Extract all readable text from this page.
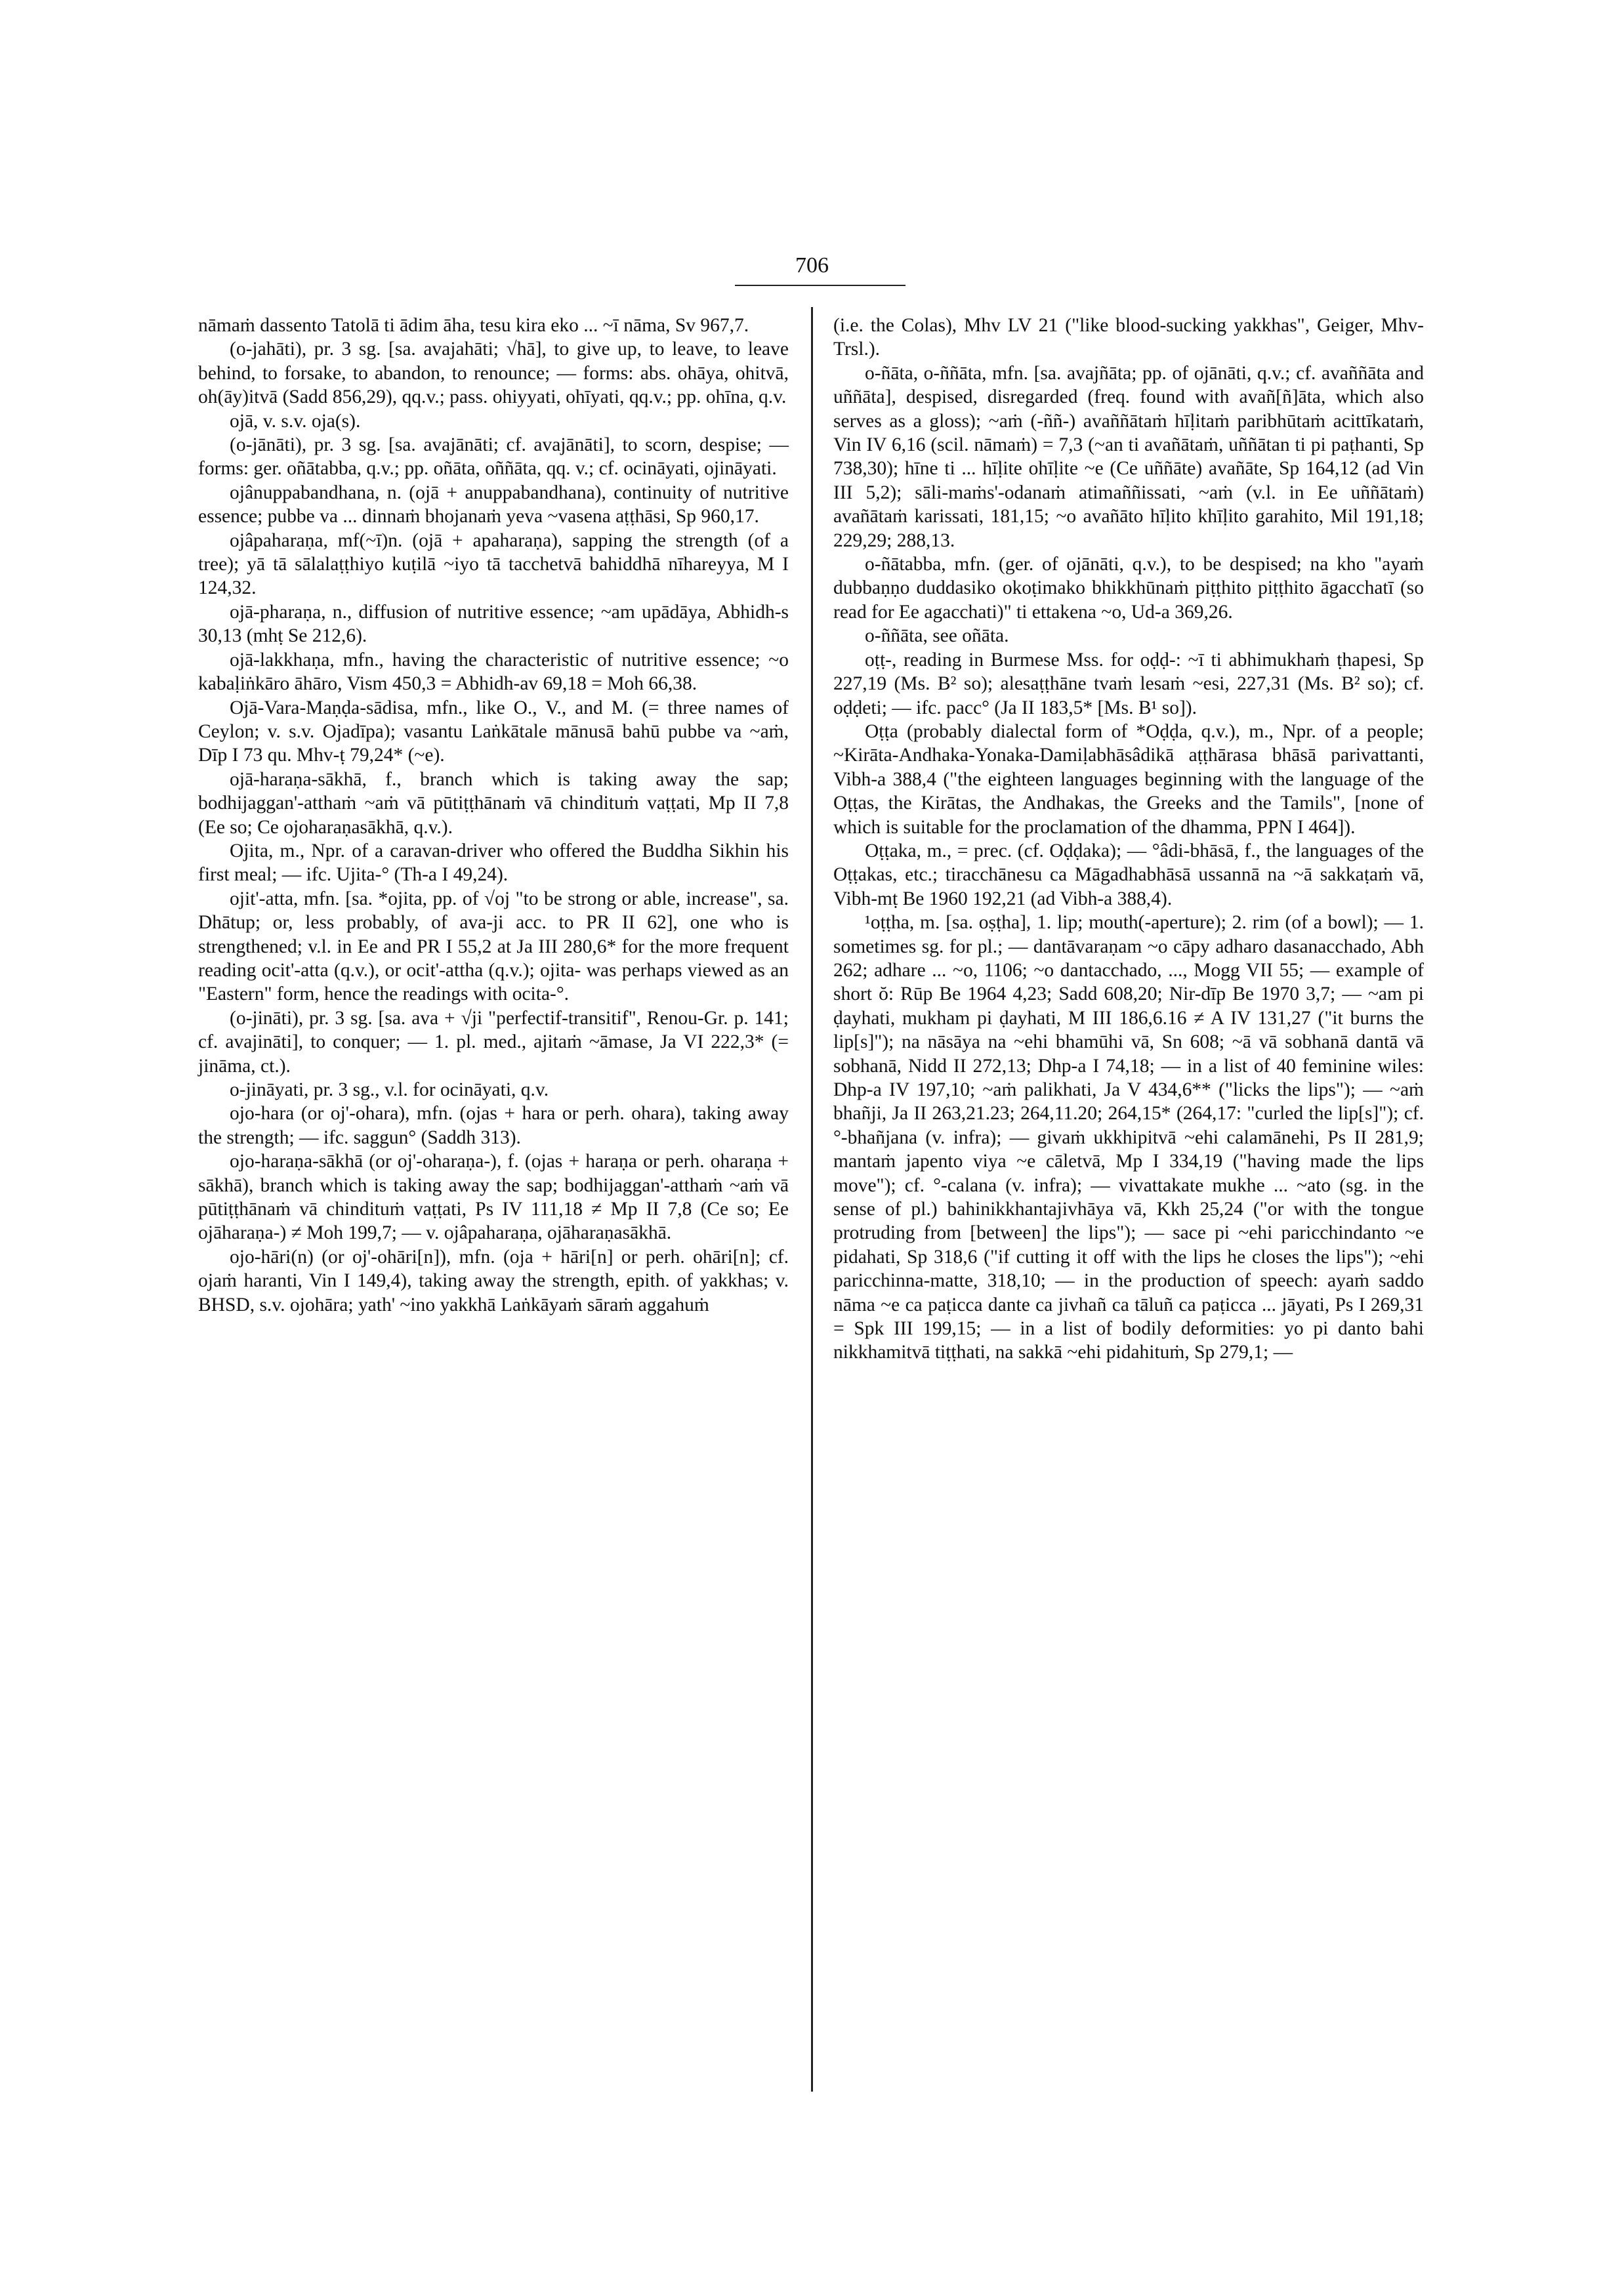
706

nāmaṁ dassento Tatolā ti ādim āha, tesu kira eko ... ~ī nāma, Sv 967,7.

(o-jahāti), pr. 3 sg. [sa. avajahāti; √hā], to give up, to leave, to leave behind, to forsake, to abandon, to renounce; — forms: abs. ohāya, ohitvā, oh(āy)itvā (Sadd 856,29), qq.v.; pass. ohiyyati, ohīyati, qq.v.; pp. ohīna, q.v.

ojā, v. s.v. oja(s).

(o-jānāti), pr. 3 sg. [sa. avajānāti; cf. avajānāti], to scorn, despise; — forms: ger. oñātabba, q.v.; pp. oñāta, oññāta, qq. v.; cf. ocināyati, ojināyati.

ojânuppabandhana, n. (ojā + anuppabandhana), continuity of nutritive essence; pubbe va ... dinnaṁ bhojanaṁ yeva ~vasena aṭṭhāsi, Sp 960,17.

ojâpaharaṇa, mf(~ī)n. (ojā + apaharaṇa), sapping the strength (of a tree); yā tā sālalaṭṭhiyo kuṭilā ~iyo tā tacchetvā bahiddhā nīhareyya, M I 124,32.

ojā-pharaṇa, n., diffusion of nutritive essence; ~am upādāya, Abhidh-s 30,13 (mhṭ Se 212,6).

ojā-lakkhaṇa, mfn., having the characteristic of nutritive essence; ~o kabaḷiṅkāro āhāro, Vism 450,3 = Abhidh-av 69,18 = Moh 66,38.

Ojā-Vara-Maṇḍa-sādisa, mfn., like O., V., and M. (= three names of Ceylon; v. s.v. Ojadīpa); vasantu Laṅkātale mānusā bahū pubbe va ~aṁ, Dīp I 73 qu. Mhv-ṭ 79,24* (~e).

ojā-haraṇa-sākhā, f., branch which is taking away the sap; bodhijaggan'-atthaṁ ~aṁ vā pūtiṭṭhānaṁ vā chindituṁ vaṭṭati, Mp II 7,8 (Ee so; Ce ojoharaṇasākhā, q.v.).

Ojita, m., Npr. of a caravan-driver who offered the Buddha Sikhin his first meal; — ifc. Ujita-° (Th-a I 49,24).

ojit'-atta, mfn. [sa. *ojita, pp. of √oj "to be strong or able, increase", sa. Dhātup; or, less probably, of ava-ji acc. to PR II 62], one who is strengthened; v.l. in Ee and PR I 55,2 at Ja III 280,6* for the more frequent reading ocit'-atta (q.v.), or ocit'-attha (q.v.); ojita- was perhaps viewed as an "Eastern" form, hence the readings with ocita-°.

(o-jināti), pr. 3 sg. [sa. ava + √ji "perfectif-transitif", Renou-Gr. p. 141; cf. avajināti], to conquer; — 1. pl. med., ajitaṁ ~āmase, Ja VI 222,3* (= jināma, ct.).

o-jināyati, pr. 3 sg., v.l. for ocināyati, q.v.

ojo-hara (or oj'-ohara), mfn. (ojas + hara or perh. ohara), taking away the strength; — ifc. saggun° (Saddh 313).

ojo-haraṇa-sākhā (or oj'-oharaṇa-), f. (ojas + haraṇa or perh. oharaṇa + sākhā), branch which is taking away the sap; bodhijaggan'-atthaṁ ~aṁ vā pūtiṭṭhānaṁ vā chindituṁ vaṭṭati, Ps IV 111,18 ≠ Mp II 7,8 (Ce so; Ee ojāharaṇa-) ≠ Moh 199,7; — v. ojâpaharaṇa, ojāharaṇasākhā.

ojo-hāri(n) (or oj'-ohāri[n]), mfn. (oja + hāri[n] or perh. ohāri[n]; cf. ojaṁ haranti, Vin I 149,4), taking away the strength, epith. of yakkhas; v. BHSD, s.v. ojohāra; yath' ~ino yakkhā Laṅkāyaṁ sāraṁ aggahuṁ

(i.e. the Colas), Mhv LV 21 ("like blood-sucking yakkhas", Geiger, Mhv-Trsl.).

o-ñāta, o-ññāta, mfn. [sa. avajñāta; pp. of ojānāti, q.v.; cf. avaññāta and uññāta], despised, disregarded (freq. found with avañ[ñ]āta, which also serves as a gloss); ~aṁ (-ññ-) avaññātaṁ hīḷitaṁ paribhūtaṁ acittīkataṁ, Vin IV 6,16 (scil. nāmaṁ) = 7,3 (~an ti avañātaṁ, uññātan ti pi paṭhanti, Sp 738,30); hīne ti ... hīḷite ohīḷite ~e (Ce uññāte) avañāte, Sp 164,12 (ad Vin III 5,2); sāli-maṁs'-odanaṁ atimaññissati, ~aṁ (v.l. in Ee uññātaṁ) avañātaṁ karissati, 181,15; ~o avañāto hīḷito khīḷito garahito, Mil 191,18; 229,29; 288,13.

o-ñātabba, mfn. (ger. of ojānāti, q.v.), to be despised; na kho "ayaṁ dubbaṇṇo duddasiko okoṭimako bhikkhūnaṁ piṭṭhito piṭṭhito āgacchatī (so read for Ee agacchati)" ti ettakena ~o, Ud-a 369,26.

o-ññāta, see oñāta.

oṭṭ-, reading in Burmese Mss. for oḍḍ-: ~ī ti abhimukhaṁ ṭhapesi, Sp 227,19 (Ms. B² so); alesaṭṭhāne tvaṁ lesaṁ ~esi, 227,31 (Ms. B² so); cf. oḍḍeti; — ifc. pacc° (Ja II 183,5* [Ms. B¹ so]).

Oṭṭa (probably dialectal form of *Oḍḍa, q.v.), m., Npr. of a people; ~Kirāta-Andhaka-Yonaka-Damiḷabhāsâdikā aṭṭhārasa bhāsā parivattanti, Vibh-a 388,4 ("the eighteen languages beginning with the language of the Oṭṭas, the Kirātas, the Andhakas, the Greeks and the Tamils", [none of which is suitable for the proclamation of the dhamma, PPN I 464]).

Oṭṭaka, m., = prec. (cf. Oḍḍaka); — °âdi-bhāsā, f., the languages of the Oṭṭakas, etc.; tiracchānesu ca Māgadhabhāsā ussannā na ~ā sakkaṭaṁ vā, Vibh-mṭ Be 1960 192,21 (ad Vibh-a 388,4).

¹oṭṭha, m. [sa. oṣṭha], 1. lip; mouth(-aperture); 2. rim (of a bowl); — 1. sometimes sg. for pl.; — dantāvaraṇam ~o cāpy adharo dasanacchado, Abh 262; adhare ... ~o, 1106; ~o dantacchado, ..., Mogg VII 55; — example of short ŏ: Rūp Be 1964 4,23; Sadd 608,20; Nir-dīp Be 1970 3,7; — ~am pi ḍayhati, mukham pi ḍayhati, M III 186,6.16 ≠ A IV 131,27 ("it burns the lip[s]"); na nāsāya na ~ehi bhamūhi vā, Sn 608; ~ā vā sobhanā dantā vā sobhanā, Nidd II 272,13; Dhp-a I 74,18; — in a list of 40 feminine wiles: Dhp-a IV 197,10; ~aṁ palikhati, Ja V 434,6** ("licks the lips"); — ~aṁ bhañji, Ja II 263,21.23; 264,11.20; 264,15* (264,17: "curled the lip[s]"); cf. °-bhañjana (v. infra); — givaṁ ukkhipitvā ~ehi calamānehi, Ps II 281,9; mantaṁ japento viya ~e cāletvā, Mp I 334,19 ("having made the lips move"); cf. °-calana (v. infra); — vivattakate mukhe ... ~ato (sg. in the sense of pl.) bahinikkhantajivhāya vā, Kkh 25,24 ("or with the tongue protruding from [between] the lips"); — sace pi ~ehi paricchindanto ~e pidahati, Sp 318,6 ("if cutting it off with the lips he closes the lips"); ~ehi paricchinna-matte, 318,10; — in the production of speech: ayaṁ saddo nāma ~e ca paṭicca dante ca jivhañ ca tāluñ ca paṭicca ... jāyati, Ps I 269,31 = Spk III 199,15; — in a list of bodily deformities: yo pi danto bahi nikkhamitvā tiṭṭhati, na sakkā ~ehi pidahituṁ, Sp 279,1; —
